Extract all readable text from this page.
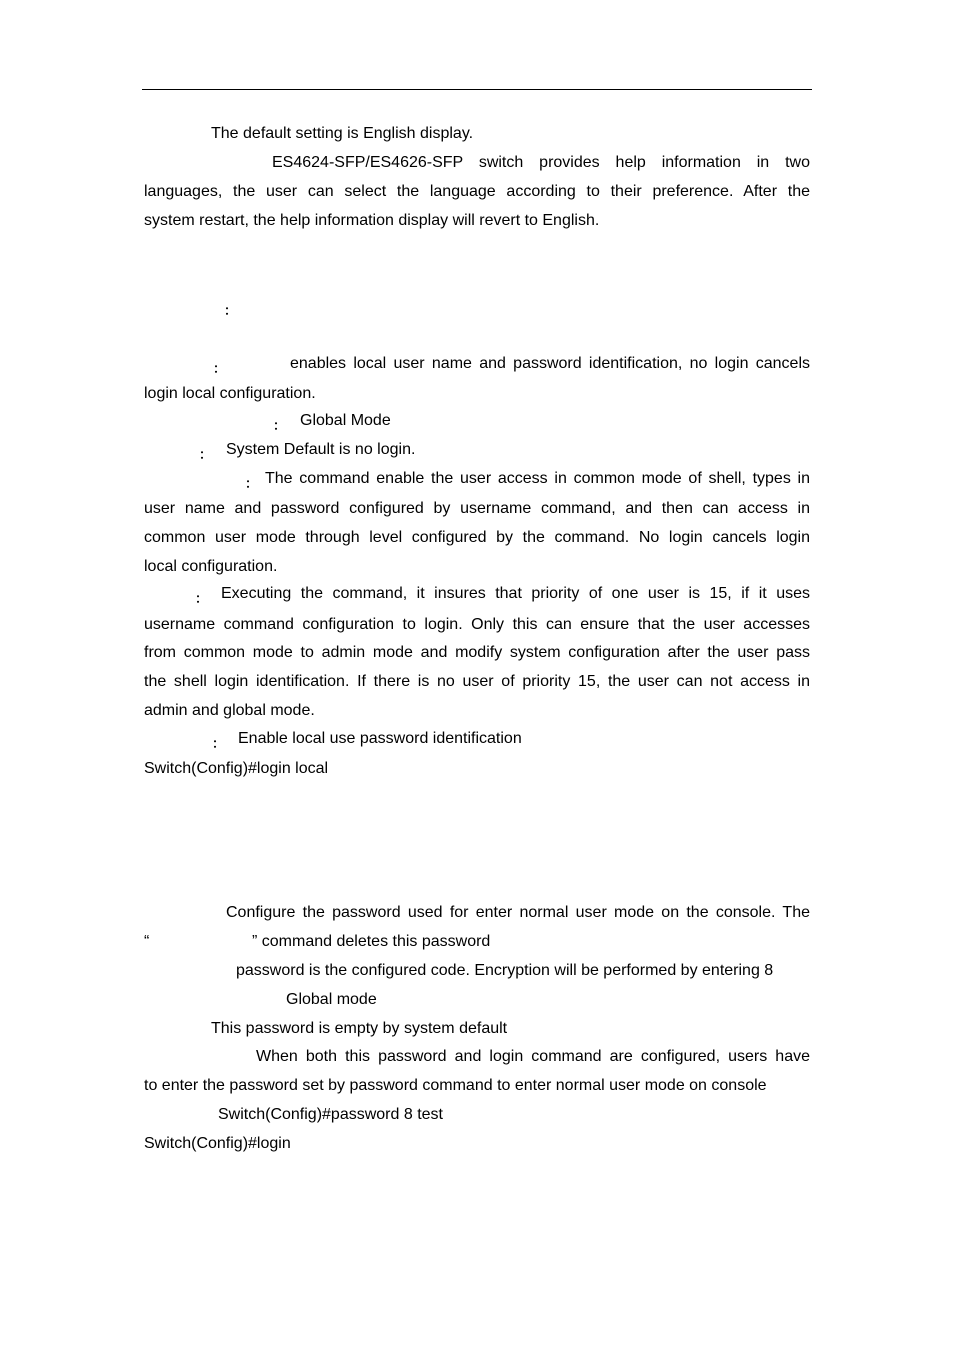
The default setting is English display.
ES4624-SFP/ES4626-SFP switch provides help information in two
languages, the user can select the language according to their preference. After the
system restart, the help information display will revert to English.
：
：	enables local user name and password identification, no login cancels
login local configuration.
： Global Mode
： System Default is no login.
： The command enable the user access in common mode of shell, types in
user name and password configured by username command, and then can access in
common user mode through level configured by the command. No login cancels login
local configuration.
： Executing the command, it insures that priority of one user is 15, if it uses
username command configuration to login. Only this can ensure that the user accesses
from common mode to admin mode and modify system configuration after the user pass
the shell login identification. If there is no user of priority 15, the user can not access in
admin and global mode.
： Enable local use password identification
Switch(Config)#login local
Configure the password used for enter normal user mode on the console. The
“	” command deletes this password
password is the configured code. Encryption will be performed by entering 8
Global mode
This password is empty by system default
When both this password and login command are configured, users have
to enter the password set by password command to enter normal user mode on console
Switch(Config)#password 8 test
Switch(Config)#login
